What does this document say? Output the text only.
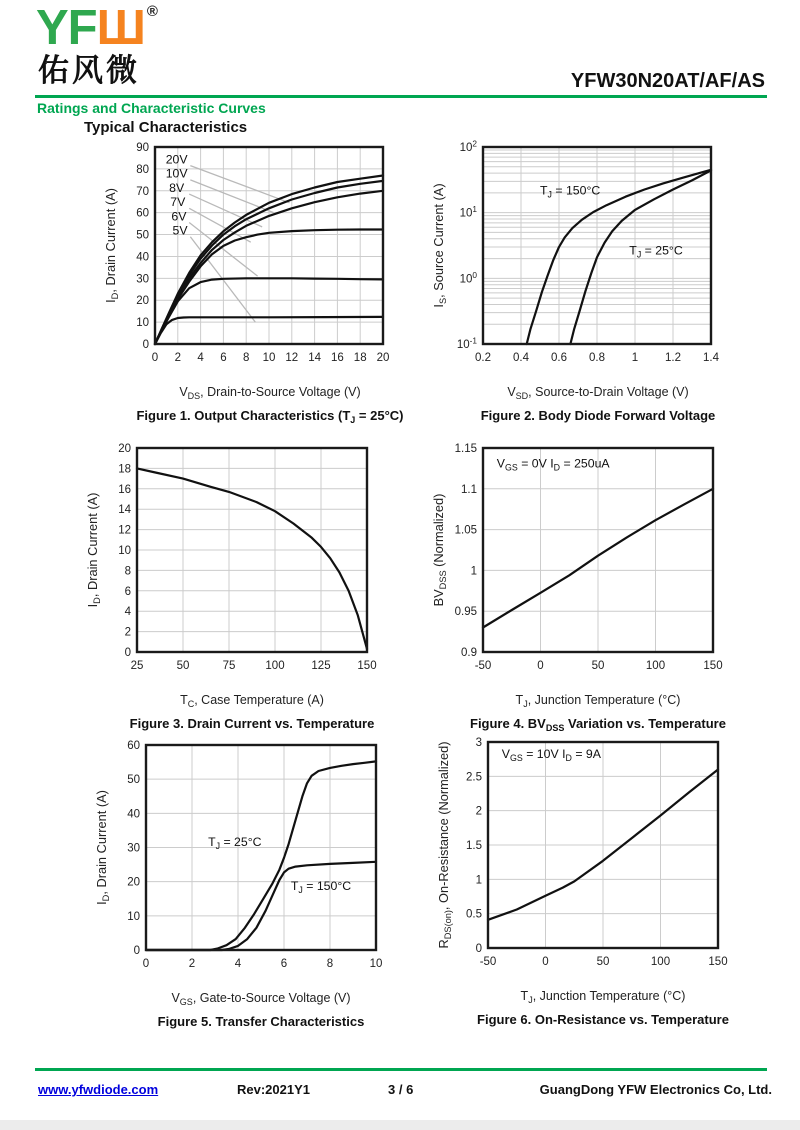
YFШ ®
佑风微	YFW30N20AT/AF/AS
Ratings and Characteristic Curves
Typical Characteristics
0 2 4 6 8 10 12 14 16 18 20
0
10
20
30
40
50
60
70
80
90
$I_D$, Drain Current (A)
20V
10V
8V
7V
6V
5V
$V_{DS}$, Drain-to-Source Voltage (V)
Figure 1. Output Characteristics $(T_J = 25^\circ C)$
0.2 0.4 0.6 0.8 1 1.2 1.4
$10^{-1}$
$10^0$
$10^1$
$10^2$
$I_S$, Source Current (A)	$T_J = 150^\circ C$
$T_J = 25^\circ C$
$V_{SD}$, Source-to-Drain Voltage (V)
Figure 2. Body Diode Forward Voltage
25	50	75	100 125 150
0
2
4
6
8
10
12
14
16
18
20
$I_D$, Drain Current (A)
$T_C$, Case Temperature (A)
Figure 3. Drain Current vs. Temperature
-50	0	50	100	150
0.9
0.95
1
1.05
1.1
1.15
$BV_{DSS}$ (Normalized)
$V_{GS} = 0V$ $I_D = 250uA$
$T_J$, Junction Temperature (°C)
Figure 4. $BV_{DSS}$ Variation vs. Temperature
0	2	4	6	8	10
0
10
20
30
40
50
60
$I_D$, Drain Current (A)	$T_J = 25^\circ C$
$T_J = 150^\circ C$
$V_{GS}$, Gate-to-Source Voltage (V)
Figure 5. Transfer Characteristics
-50	0	50	100	150
0
0.5
1
1.5
2
2.5
3
$R_{DS(on)}$, On-Resistance (Normalized)	$V_{GS} = 10V$ $I_D = 9A$
$T_J$, Junction Temperature (°C)
Figure 6. On-Resistance vs. Temperature
www.yfwdiode.com	Rev:2021Y1	3 / 6	GuangDong YFW Electronics Co, Ltd.
